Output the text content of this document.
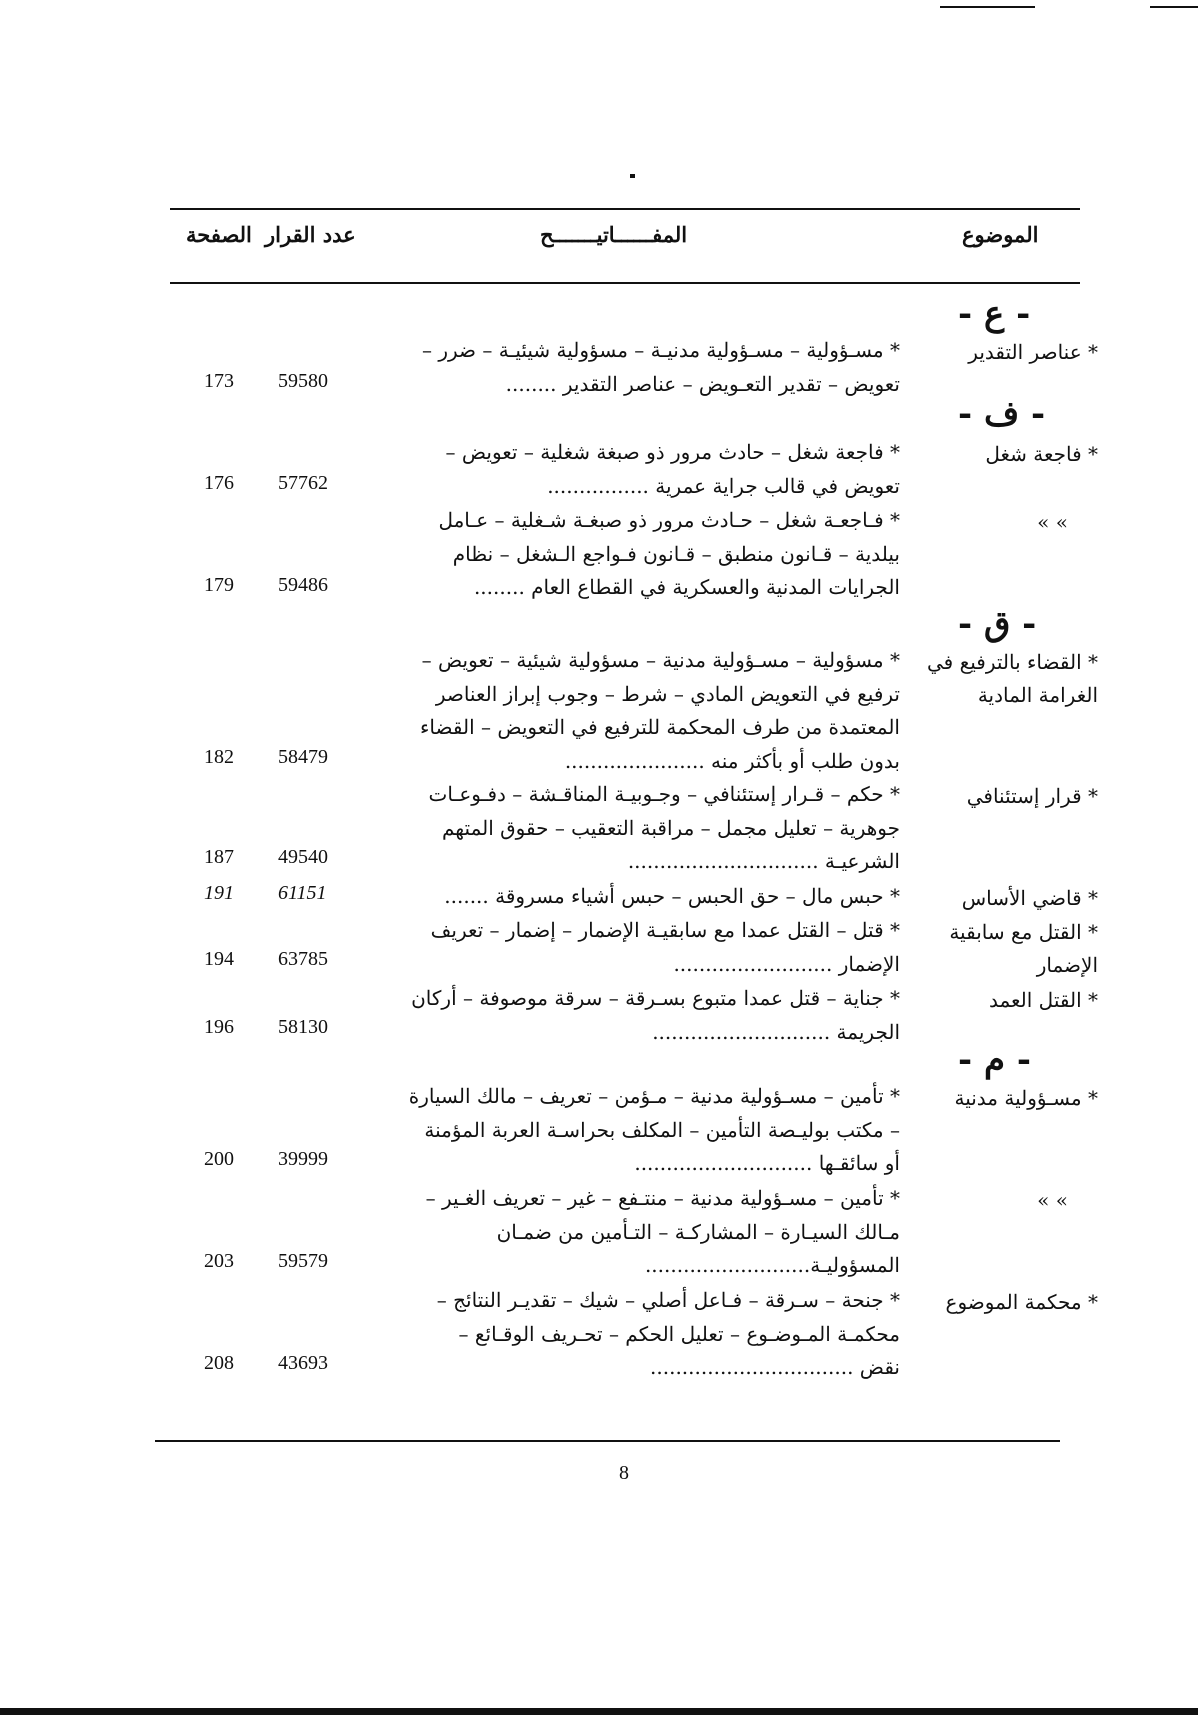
الموضوع
المفــــــاتيـــــــح
عدد القرار
الصفحة
- ع -
- ف -
- ق -
- م -
* عناصر التقدير
* مسـؤولية – مسـؤولية مدنيـة – مسؤولية شيئيـة – ضرر –
تعويض – تقدير التعـويض – عناصر التقدير ........
59580
173
* فاجعة شغل
* فاجعة شغل – حادث مرور ذو صبغة شغلية – تعويض –
تعويض في قالب جراية عمرية ................
57762
176
» »
* فـاجعـة شغل – حـادث مرور ذو صبغـة شـغلية – عـامل
بيلدية – قـانون منطبق – قـانون فـواجع الـشغل – نظام
الجرايات المدنية والعسكرية في القطاع العام ........
59486
179
* القضاء بالترفيع في
الغرامة المادية
* مسؤولية – مسـؤولية مدنية – مسؤولية شيئية – تعويض –
ترفيع في التعويض المادي – شرط – وجوب إبراز العناصر
المعتمدة من طرف المحكمة للترفيع في التعويض – القضاء
بدون طلب أو بأكثر منه ......................
58479
182
* قرار إستئنافي
* حكم – قـرار إستئنافي – وجـوبيـة المناقـشة – دفـوعـات
جوهرية – تعليل مجمل – مراقبة التعقيب – حقوق المتهم
الشرعيـة ..............................
49540
187
* قاضي الأساس
* حبس مال – حق الحبس – حبس أشياء مسروقة .......
61151
191
* القتل مع سابقية
الإضمار
* قتل – القتل عمدا مع سابقيـة الإضمار – إضمار – تعريف
الإضمار .........................
63785
194
* القتل العمد
* جناية – قتل عمدا متبوع بسـرقة – سرقة موصوفة – أركان
الجريمة ............................
58130
196
* مسـؤولية مدنية
* تأمين – مسـؤولية مدنية – مـؤمن – تعريف – مالك السيارة
– مكتب بوليـصة التأمين – المكلف بحراسـة العربة المؤمنة
أو سائقـها ............................
39999
200
» »
* تأمين – مسـؤولية مدنية – منتـفع – غير – تعريف الغـير –
مـالك السيـارة – المشاركـة – التـأمين من ضمـان
المسؤوليـة..........................
59579
203
* محكمة الموضوع
* جنحة – سـرقة – فـاعل أصلي – شيك – تقديـر النتائج –
محكمـة المـوضـوع – تعليل الحكم – تحـريف الوقـائع –
نقض ................................
43693
208
8
